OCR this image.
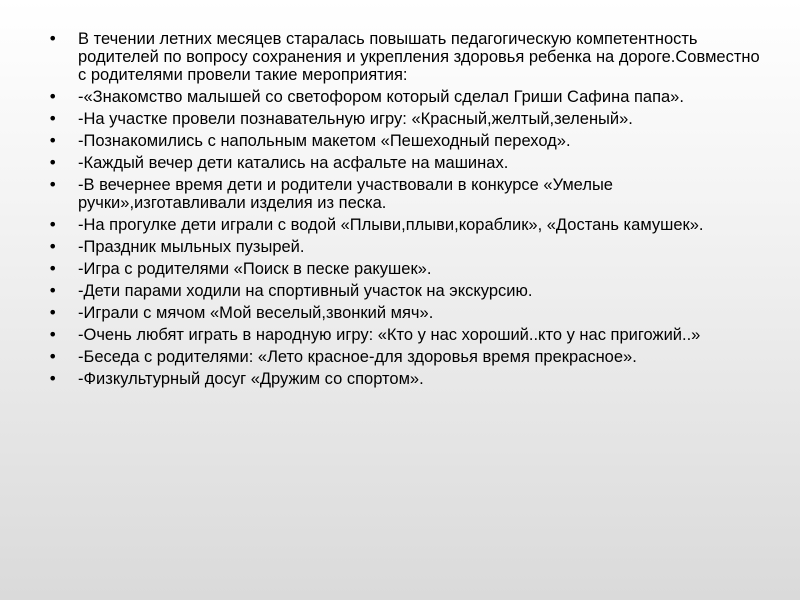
• В течении летних месяцев старалась повышать педагогическую компетентность родителей по вопросу сохранения и укрепления здоровья ребенка на дороге.Совместно с родителями провели такие мероприятия:
• -«Знакомство малышей со светофором который сделал Гриши Сафина папа».
• -На участке провели познавательную игру: «Красный,желтый,зеленый».
• -Познакомились с напольным макетом «Пешеходный переход».
• -Каждый вечер дети катались на асфальте на машинах.
• -В вечернее время дети и родители участвовали в конкурсе «Умелые ручки»,изготавливали изделия из песка.
• -На прогулке дети играли с водой «Плыви,плыви,кораблик», «Достань камушек».
• -Праздник мыльных пузырей.
• -Игра с родителями «Поиск в песке ракушек».
• -Дети парами ходили на спортивный участок на экскурсию.
• -Играли с мячом «Мой веселый,звонкий мяч».
• -Очень любят играть в народную игру: «Кто у нас хороший..кто у нас пригожий..»
• -Беседа с родителями: «Лето красное-для здоровья время прекрасное».
• -Физкультурный досуг «Дружим со спортом».
